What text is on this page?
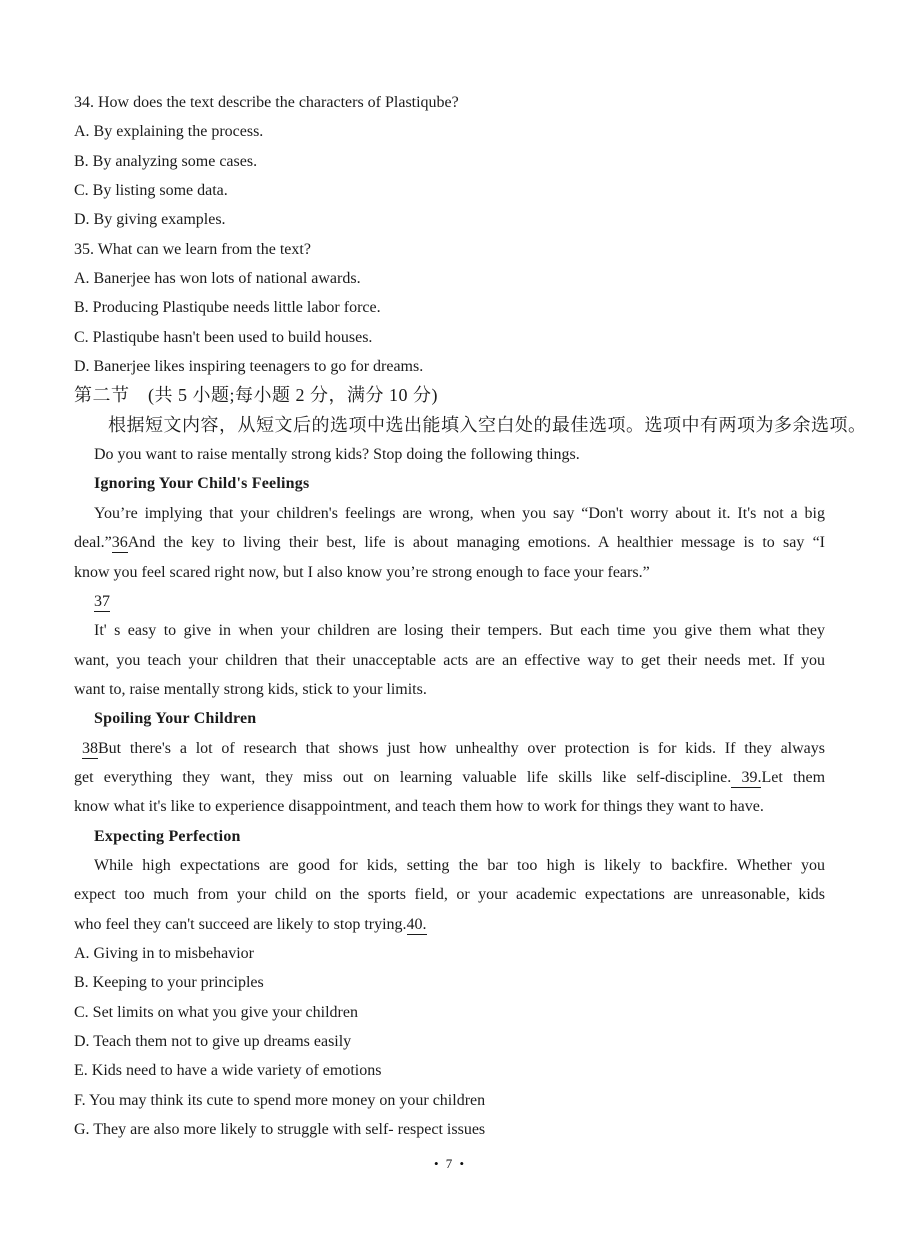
34. How does the text describe the characters of Plastiqube?
A. By explaining the process.
B. By analyzing some cases.
C. By listing some data.
D. By giving examples.
35. What can we learn from the text?
A. Banerjee has won lots of national awards.
B. Producing Plastiqube needs little labor force.
C. Plastiqube hasn't been used to build houses.
D. Banerjee likes inspiring teenagers to go for dreams.
第二节　(共 5 小题;每小题 2 分，满分 10 分)
根据短文内容，从短文后的选项中选出能填入空白处的最佳选项。选项中有两项为多余选项。
Do you want to raise mentally strong kids? Stop doing the following things.
Ignoring Your Child's Feelings
You’re implying that your children's feelings are wrong, when you say “Don't worry about it. It's not a big
deal.”36And the key to living their best, life is about managing emotions. A healthier message is to say “I
know you feel scared right now, but I also know you’re strong enough to face your fears.”
37
It' s easy to give in when your children are losing their tempers. But each time you give them what they
want, you teach your children that their unacceptable acts are an effective way to get their needs met. If you
want to, raise mentally strong kids, stick to your limits.
Spoiling Your Children
38But there's a lot of research that shows just how unhealthy over protection is for kids. If they always
get everything they want, they miss out on learning valuable life skills like self-discipline. 39.Let them
know what it's like to experience disappointment, and teach them how to work for things they want to have.
Expecting Perfection
While high expectations are good for kids, setting the bar too high is likely to backfire. Whether you
expect too much from your child on the sports field, or your academic expectations are unreasonable, kids
who feel they can't succeed are likely to stop trying.40.
A. Giving in to misbehavior
B. Keeping to your principles
C. Set limits on what you give your children
D. Teach them not to give up dreams easily
E. Kids need to have a wide variety of emotions
F. You may think its cute to spend more money on your children
G. They are also more likely to struggle with self- respect issues
• 7 •
